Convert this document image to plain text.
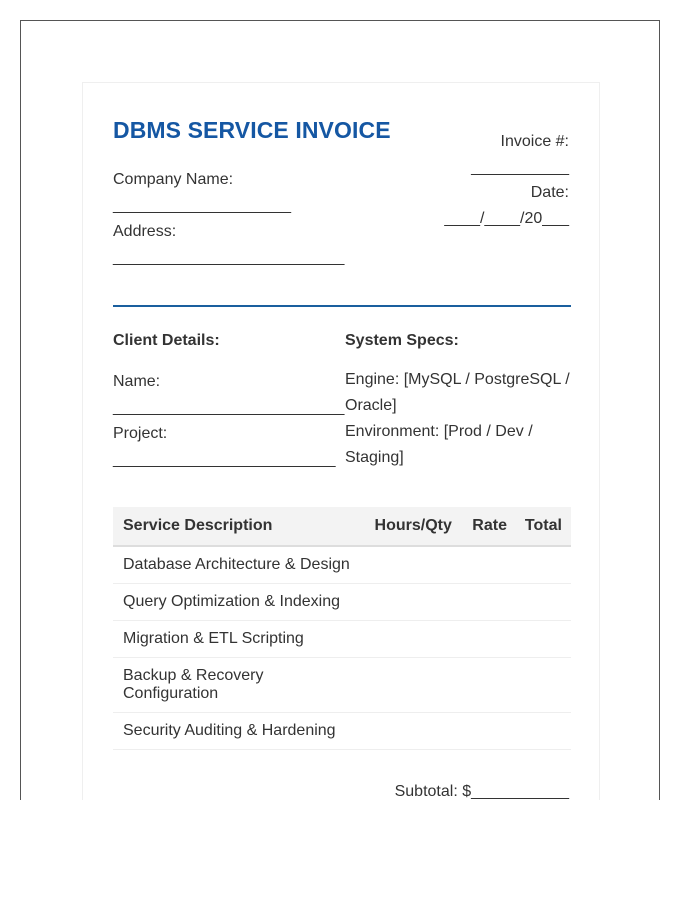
DBMS SERVICE INVOICE	Invoice #:
___________
Date:
____/____/20___
Company Name:
____________________
Address:
__________________________
Client Details:
Name:
__________________________
Project:
_________________________
System Specs:
Engine: [MySQL / PostgreSQL / Oracle]
Environment: [Prod / Dev / Staging]
Service Description	Hours/Qty	Rate	Total
Database Architecture & Design			
Query Optimization & Indexing			
Migration & ETL Scripting			
Backup & Recovery Configuration			
Security Auditing & Hardening			
Subtotal: $___________
